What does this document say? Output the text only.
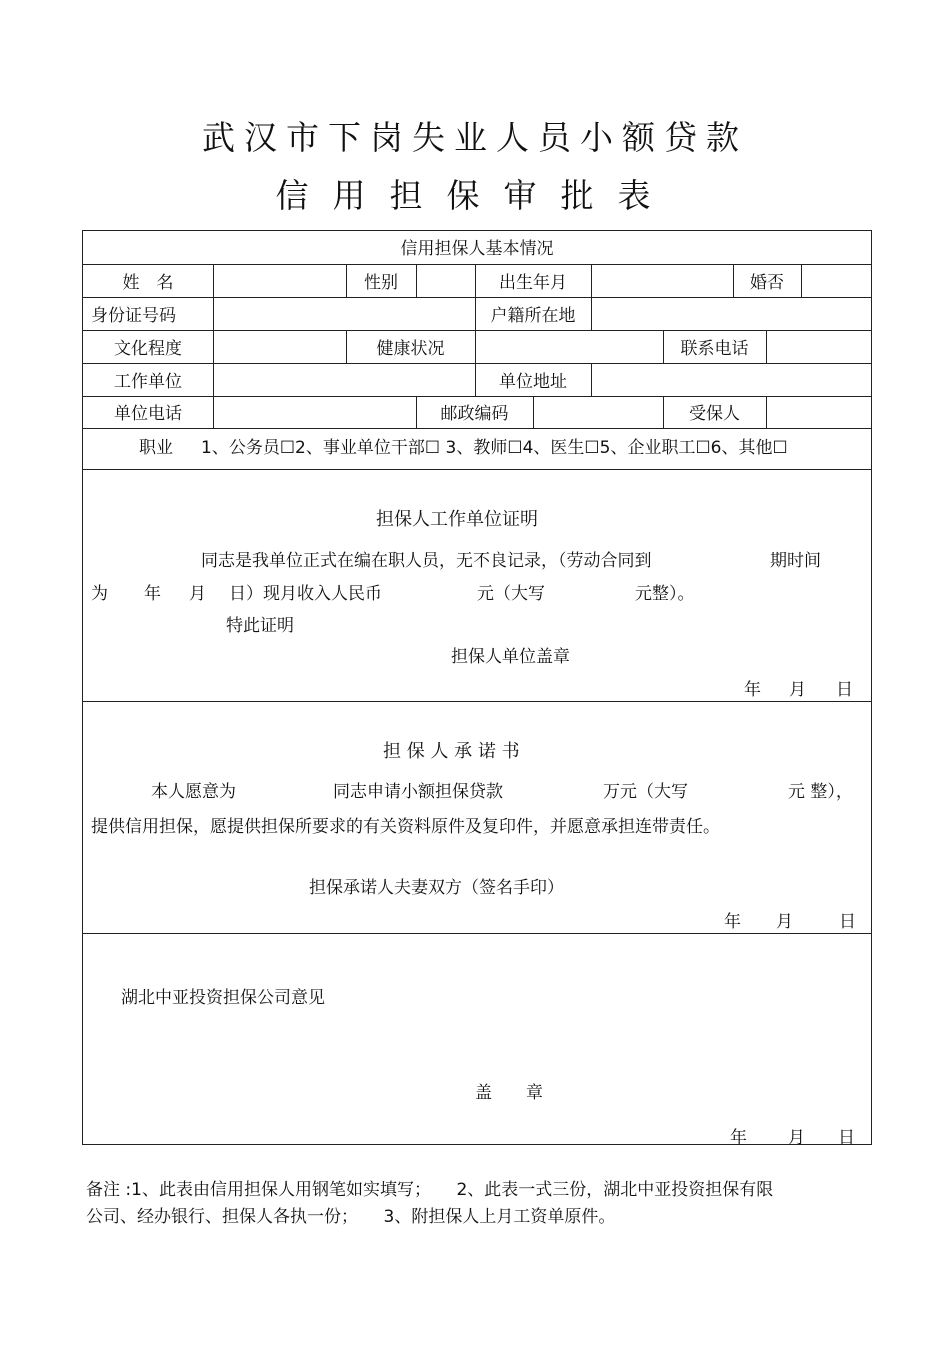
武汉市下岗失业人员小额贷款
信用担保审批表
信用担保人基本情况
姓　名	性别	出生年月	婚否
身份证号码	户籍所在地
文化程度	健康状况	联系电话
工作单位	单位地址
单位电话	邮政编码	受保人
职业 1、公务员☐2、事业单位干部☐ 3、教师☐4、医生☐5、企业职工☐6、其他☐
担保人工作单位证明
同志是我单位正式在编在职人员，无不良记录，（劳动合同到	期时间
为 年 月 日）现月收入人民币	元（大写	元整）。
特此证明
担保人单位盖章
年 月 日
担 保 人 承 诺 书
本人愿意为	同志申请小额担保贷款	万元（大写	元 整），
提供信用担保，愿提供担保所要求的有关资料原件及复印件，并愿意承担连带责任。
担保承诺人夫妻双方（签名手印）
年 月	日
湖北中亚投资担保公司意见
盖　　章
年 月 日
备注 :1、此表由信用担保人用钢笔如实填写；　　2、此表一式三份，湖北中亚投资担保有限
公司、经办银行、担保人各执一份；　　3、附担保人上月工资单原件。
